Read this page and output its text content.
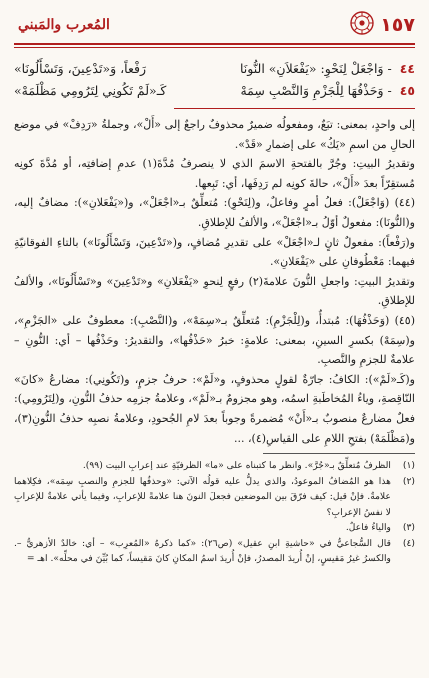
١٥٧
المُعرب والمَبني
٤٤
- وَاجْعَلْ لِنَحْوِ: «يَفْعَلاَنِ» النُّونَا
رَفْعاً، وَ«تَدْعِينَ، وَتَسْأَلُونَا»
٤٥
- وَحَذْفُهَا لِلْجَزْمِ وَالنَّصْبِ سِمَهْ
كَـ«لَمْ تَكُونِي لِتَرُومِي مَظْلَمَهْ»

إلى واحدٍ، بمعنى: تبَعٌ، ومفعولُه ضميرٌ محذوفٌ راجعٌ إلى «أَلْ»، وجملةُ «رَدِفْ» في موضع الحالِ من اسمِ «يَكُ» على إضمارِ «قَدْ».

وتقديرُ البيتِ: وجُرَّ بالفتحةِ الاسمَ الذي لا ينصرفُ مُدَّةَ(١) عدمِ إضافتِه، أو مُدَّةَ كونِه مُستقِرّاً بعدَ «أَلْ»، حالةَ كونِه لم رَدِفَها، أي: تَبِعها.

(٤٤) (وَاجْعَلْ): فعلُ أمرٍ وفاعلٌ، و(لِنَحْوِ): مُتعلِّقٌ بـ«اجْعَلْ»، و(«يَفْعَلانِ»): مضافٌ إليه، و(النُّونَا): مفعولٌ أوّلُ بـ«اجْعَلْ»، والألفُ للإطلاقِ.

و(رَفْعاً): مفعولٌ ثانٍ لـ«اجْعَلْ» على تقديرِ مُضافٍ، و(«تَدْعِينَ، وَتَسْأَلُونَا») بالتاءِ الفوقانيّةِ فيهما: مَعْطُوفانِ على «يَفْعَلانِ».

وتقديرُ البيتِ: واجعلِ النُّونَ علامةَ(٢) رفعٍ لِنحوِ «يَفْعَلانِ» و«تَدْعِينَ» و«تَسْأَلُونَا»، والألفُ للإطلاقِ.

(٤٥) (وَحَذْفُهَا): مُبتدأٌ، و(لِلْجَزْمِ): مُتعلِّقٌ بـ«سِمَهْ»، و(النَّصْبِ): معطوفٌ على «الجَزْمِ»، و(سِمَهْ) بكسرِ السينِ، بمعنى: علامةٍ: خبرُ «حَذْفُها»، والتقديرُ: وحَذْفُها – أي: النُّونِ – علامةٌ للجزمِ والنَّصبِ.

و(كَـ«لَمْ»): الكافُ: جارّةٌ لقولٍ محذوفٍ، و«لَمْ»: حرفُ جزمٍ، و(تَكُونِي): مضارعُ «كانَ» النّاقِصةِ، وياءُ المُخاطَبةِ اسمُه، وهو مجزومٌ بـ«لَمْ»، وعلامةُ جزمِه حذفُ النُّونِ، و(لِتَرُومِي): فعلٌ مضارعٌ منصوبٌ بـ«أَنْ» مُضمرةً وجوباً بعدَ لامِ الجُحودِ، وعلامةُ نصبِه حذفُ النُّونِ(٣)، و(مَظْلَمَهْ) بفتحِ اللامِ على القياسِ(٤)، ...

(١)
الظرفُ مُتعلِّقٌ بـ«جُرَّ». وانظر ما كتبناه على «ما» الظرفيّةِ عند إعرابِ البيت (٩٩).
(٢)
هذا هو المُضافُ الموعودُ، والذي يدلُّ عليه قولُه الآتي: «وحذفُها للجزمِ والنصبِ سِمَه»، فكِلاهما علامةٌ. فإنْ قيل: كيف فرّقَ بين الموضعين فجعلَ النونَ هنا علامةً للإعرابِ، وفيما يأتي علامةٌ للإعرابِ لا نفسُ الإعرابِ؟
(٣)
والياءُ فاعلٌ.
(٤)
قال السُّجاعيُّ في «حاشيةِ ابنِ عقيل» (ص٢٦): «كما ذكرهُ «المُعرِب» – أي: خالدٌ الأزهريُّ –. والكسرُ غيرُ مَقيسٍ، إنْ أُريدَ المصدرُ، فإنْ أُريدَ اسمُ المكانِ كانَ مَقيساً، كما بُيِّنَ في محلِّه». اهـ =
